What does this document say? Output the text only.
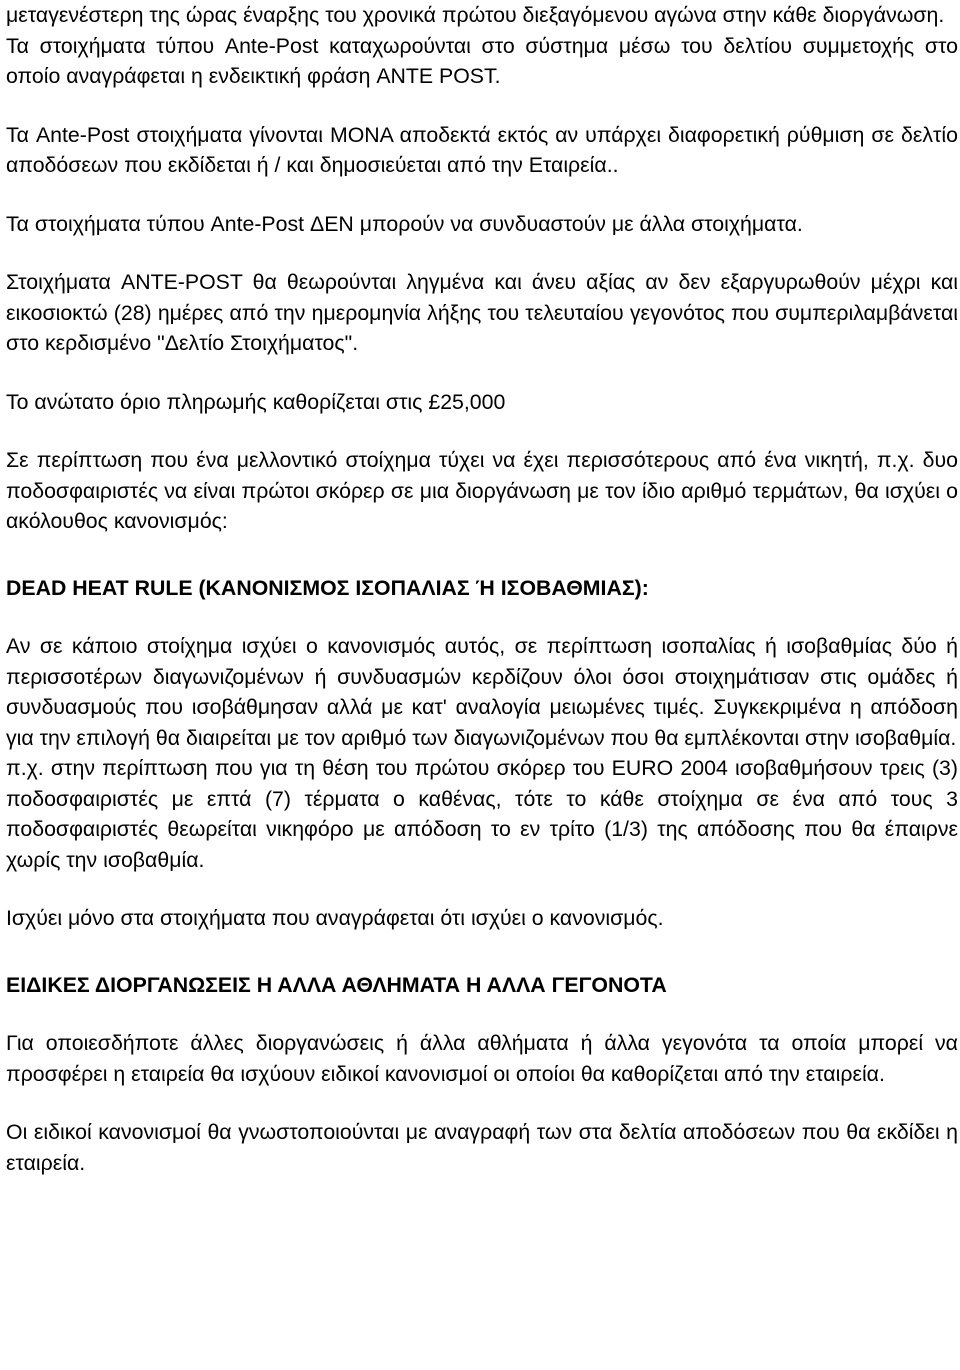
μεταγενέστερη της ώρας έναρξης του χρονικά πρώτου διεξαγόμενου αγώνα στην κάθε διοργάνωση.

Τα στοιχήματα τύπου Ante-Post καταχωρούνται στο σύστημα μέσω του δελτίου συμμετοχής στο οποίο αναγράφεται η ενδεικτική φράση ANTE POST.

Τα Ante-Post στοιχήματα γίνονται ΜΟΝΑ αποδεκτά εκτός αν υπάρχει διαφορετική ρύθμιση σε δελτίο αποδόσεων που εκδίδεται ή / και δημοσιεύεται από την Εταιρεία..

Τα στοιχήματα τύπου Ante-Post ΔΕΝ μπορούν να συνδυαστούν με άλλα στοιχήματα.

Στοιχήματα ANTE-POST θα θεωρούνται ληγμένα και άνευ αξίας αν δεν εξαργυρωθούν μέχρι και εικοσιοκτώ (28) ημέρες από την ημερομηνία λήξης του τελευταίου γεγονότος που συμπεριλαμβάνεται στο κερδισμένο "Δελτίο Στοιχήματος".

Το ανώτατο όριο πληρωμής καθορίζεται στις £25,000

Σε περίπτωση που ένα μελλοντικό στοίχημα τύχει να έχει περισσότερους από ένα νικητή, π.χ. δυο ποδοσφαιριστές να είναι πρώτοι σκόρερ σε μια διοργάνωση με τον ίδιο αριθμό τερμάτων, θα ισχύει ο ακόλουθος κανονισμός:

DEAD HEAT RULE (ΚΑΝΟΝΙΣΜΟΣ ΙΣΟΠΑΛΙΑΣ Ή ΙΣΟΒΑΘΜΙΑΣ):

Αν σε κάποιο στοίχημα ισχύει ο κανονισμός αυτός, σε περίπτωση ισοπαλίας ή ισοβαθμίας δύο ή περισσοτέρων διαγωνιζομένων ή συνδυασμών κερδίζουν όλοι όσοι στοιχημάτισαν στις ομάδες ή συνδυασμούς που ισοβάθμησαν αλλά με κατ' αναλογία μειωμένες τιμές. Συγκεκριμένα η απόδοση για την επιλογή θα διαιρείται με τον αριθμό των διαγωνιζομένων που θα εμπλέκονται στην ισοβαθμία.

π.χ. στην περίπτωση που για τη θέση του πρώτου σκόρερ του EURO 2004 ισοβαθμήσουν τρεις (3) ποδοσφαιριστές με επτά (7) τέρματα ο καθένας, τότε το κάθε στοίχημα σε ένα από τους 3 ποδοσφαιριστές θεωρείται νικηφόρο με απόδοση το εν τρίτο (1/3) της απόδοσης που θα έπαιρνε χωρίς την ισοβαθμία.

Ισχύει μόνο στα στοιχήματα που αναγράφεται ότι ισχύει ο κανονισμός.

ΕΙΔΙΚΕΣ ΔΙΟΡΓΑΝΩΣΕΙΣ Η ΑΛΛΑ ΑΘΛΗΜΑΤΑ Η ΑΛΛΑ ΓΕΓΟΝΟΤΑ

Για οποιεσδήποτε άλλες διοργανώσεις ή άλλα αθλήματα ή άλλα γεγονότα τα οποία μπορεί να προσφέρει η εταιρεία θα ισχύουν ειδικοί κανονισμοί οι οποίοι θα καθορίζεται από την εταιρεία.

Οι ειδικοί κανονισμοί θα γνωστοποιούνται με αναγραφή των στα δελτία αποδόσεων που θα εκδίδει η εταιρεία.
